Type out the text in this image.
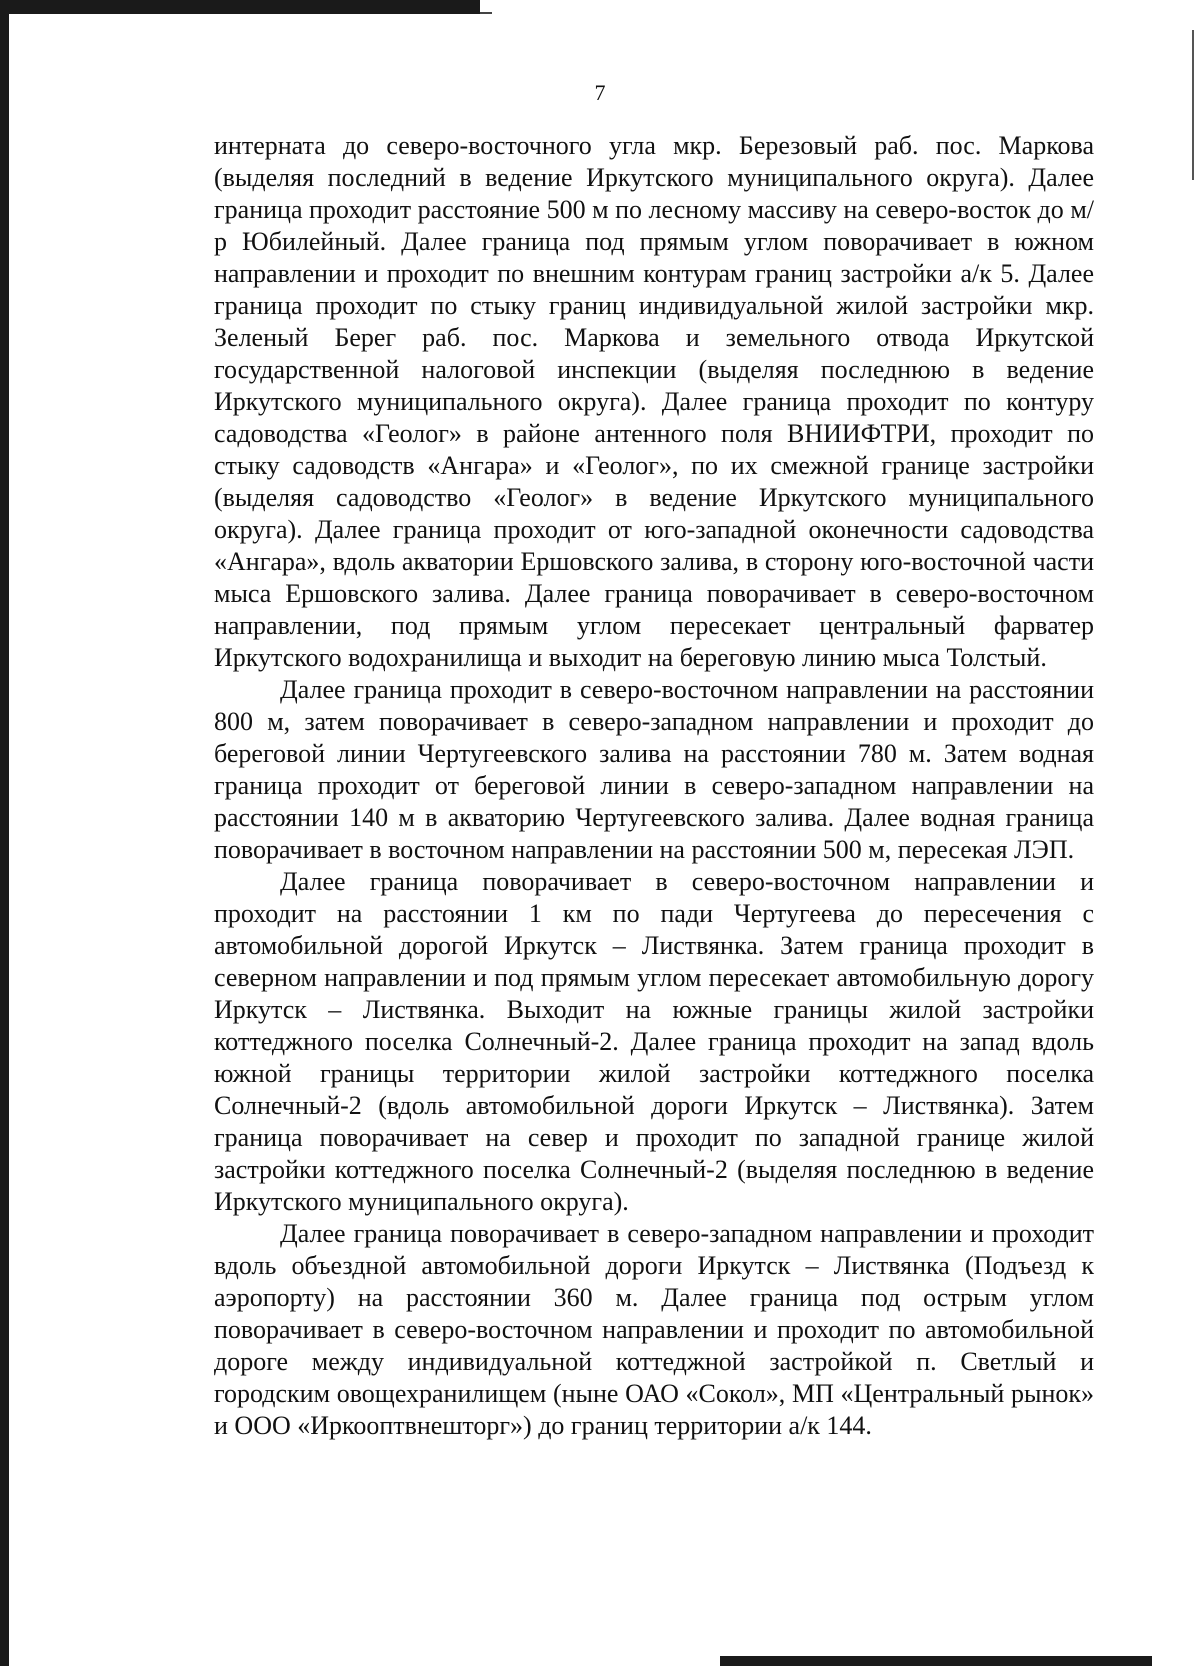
7

интерната до северо-восточного угла мкр. Березовый раб. пос. Маркова (выделяя последний в ведение Иркутского муниципального округа). Далее граница проходит расстояние 500 м по лесному массиву на северо-восток до м/р Юбилейный. Далее граница под прямым углом поворачивает в южном направлении и проходит по внешним контурам границ застройки а/к 5. Далее граница проходит по стыку границ индивидуальной жилой застройки мкр. Зеленый Берег раб. пос. Маркова и земельного отвода Иркутской государственной налоговой инспекции (выделяя последнюю в ведение Иркутского муниципального округа). Далее граница проходит по контуру садоводства «Геолог» в районе антенного поля ВНИИФТРИ, проходит по стыку садоводств «Ангара» и «Геолог», по их смежной границе застройки (выделяя садоводство «Геолог» в ведение Иркутского муниципального округа). Далее граница проходит от юго-западной оконечности садоводства «Ангара», вдоль акватории Ершовского залива, в сторону юго-восточной части мыса Ершовского залива. Далее граница поворачивает в северо-восточном направлении, под прямым углом пересекает центральный фарватер Иркутского водохранилища и выходит на береговую линию мыса Толстый.

Далее граница проходит в северо-восточном направлении на расстоянии 800 м, затем поворачивает в северо-западном направлении и проходит до береговой линии Чертугеевского залива на расстоянии 780 м. Затем водная граница проходит от береговой линии в северо-западном направлении на расстоянии 140 м в акваторию Чертугеевского залива. Далее водная граница поворачивает в восточном направлении на расстоянии 500 м, пересекая ЛЭП.

Далее граница поворачивает в северо-восточном направлении и проходит на расстоянии 1 км по пади Чертугеева до пересечения с автомобильной дорогой Иркутск – Листвянка. Затем граница проходит в северном направлении и под прямым углом пересекает автомобильную дорогу Иркутск – Листвянка. Выходит на южные границы жилой застройки коттеджного поселка Солнечный-2. Далее граница проходит на запад вдоль южной границы территории жилой застройки коттеджного поселка Солнечный-2 (вдоль автомобильной дороги Иркутск – Листвянка). Затем граница поворачивает на север и проходит по западной границе жилой застройки коттеджного поселка Солнечный-2 (выделяя последнюю в ведение Иркутского муниципального округа).

Далее граница поворачивает в северо-западном направлении и проходит вдоль объездной автомобильной дороги Иркутск – Листвянка (Подъезд к аэропорту) на расстоянии 360 м. Далее граница под острым углом поворачивает в северо-восточном направлении и проходит по автомобильной дороге между индивидуальной коттеджной застройкой п. Светлый и городским овощехранилищем (ныне ОАО «Сокол», МП «Центральный рынок» и ООО «Иркооптвнешторг») до границ территории а/к 144.
